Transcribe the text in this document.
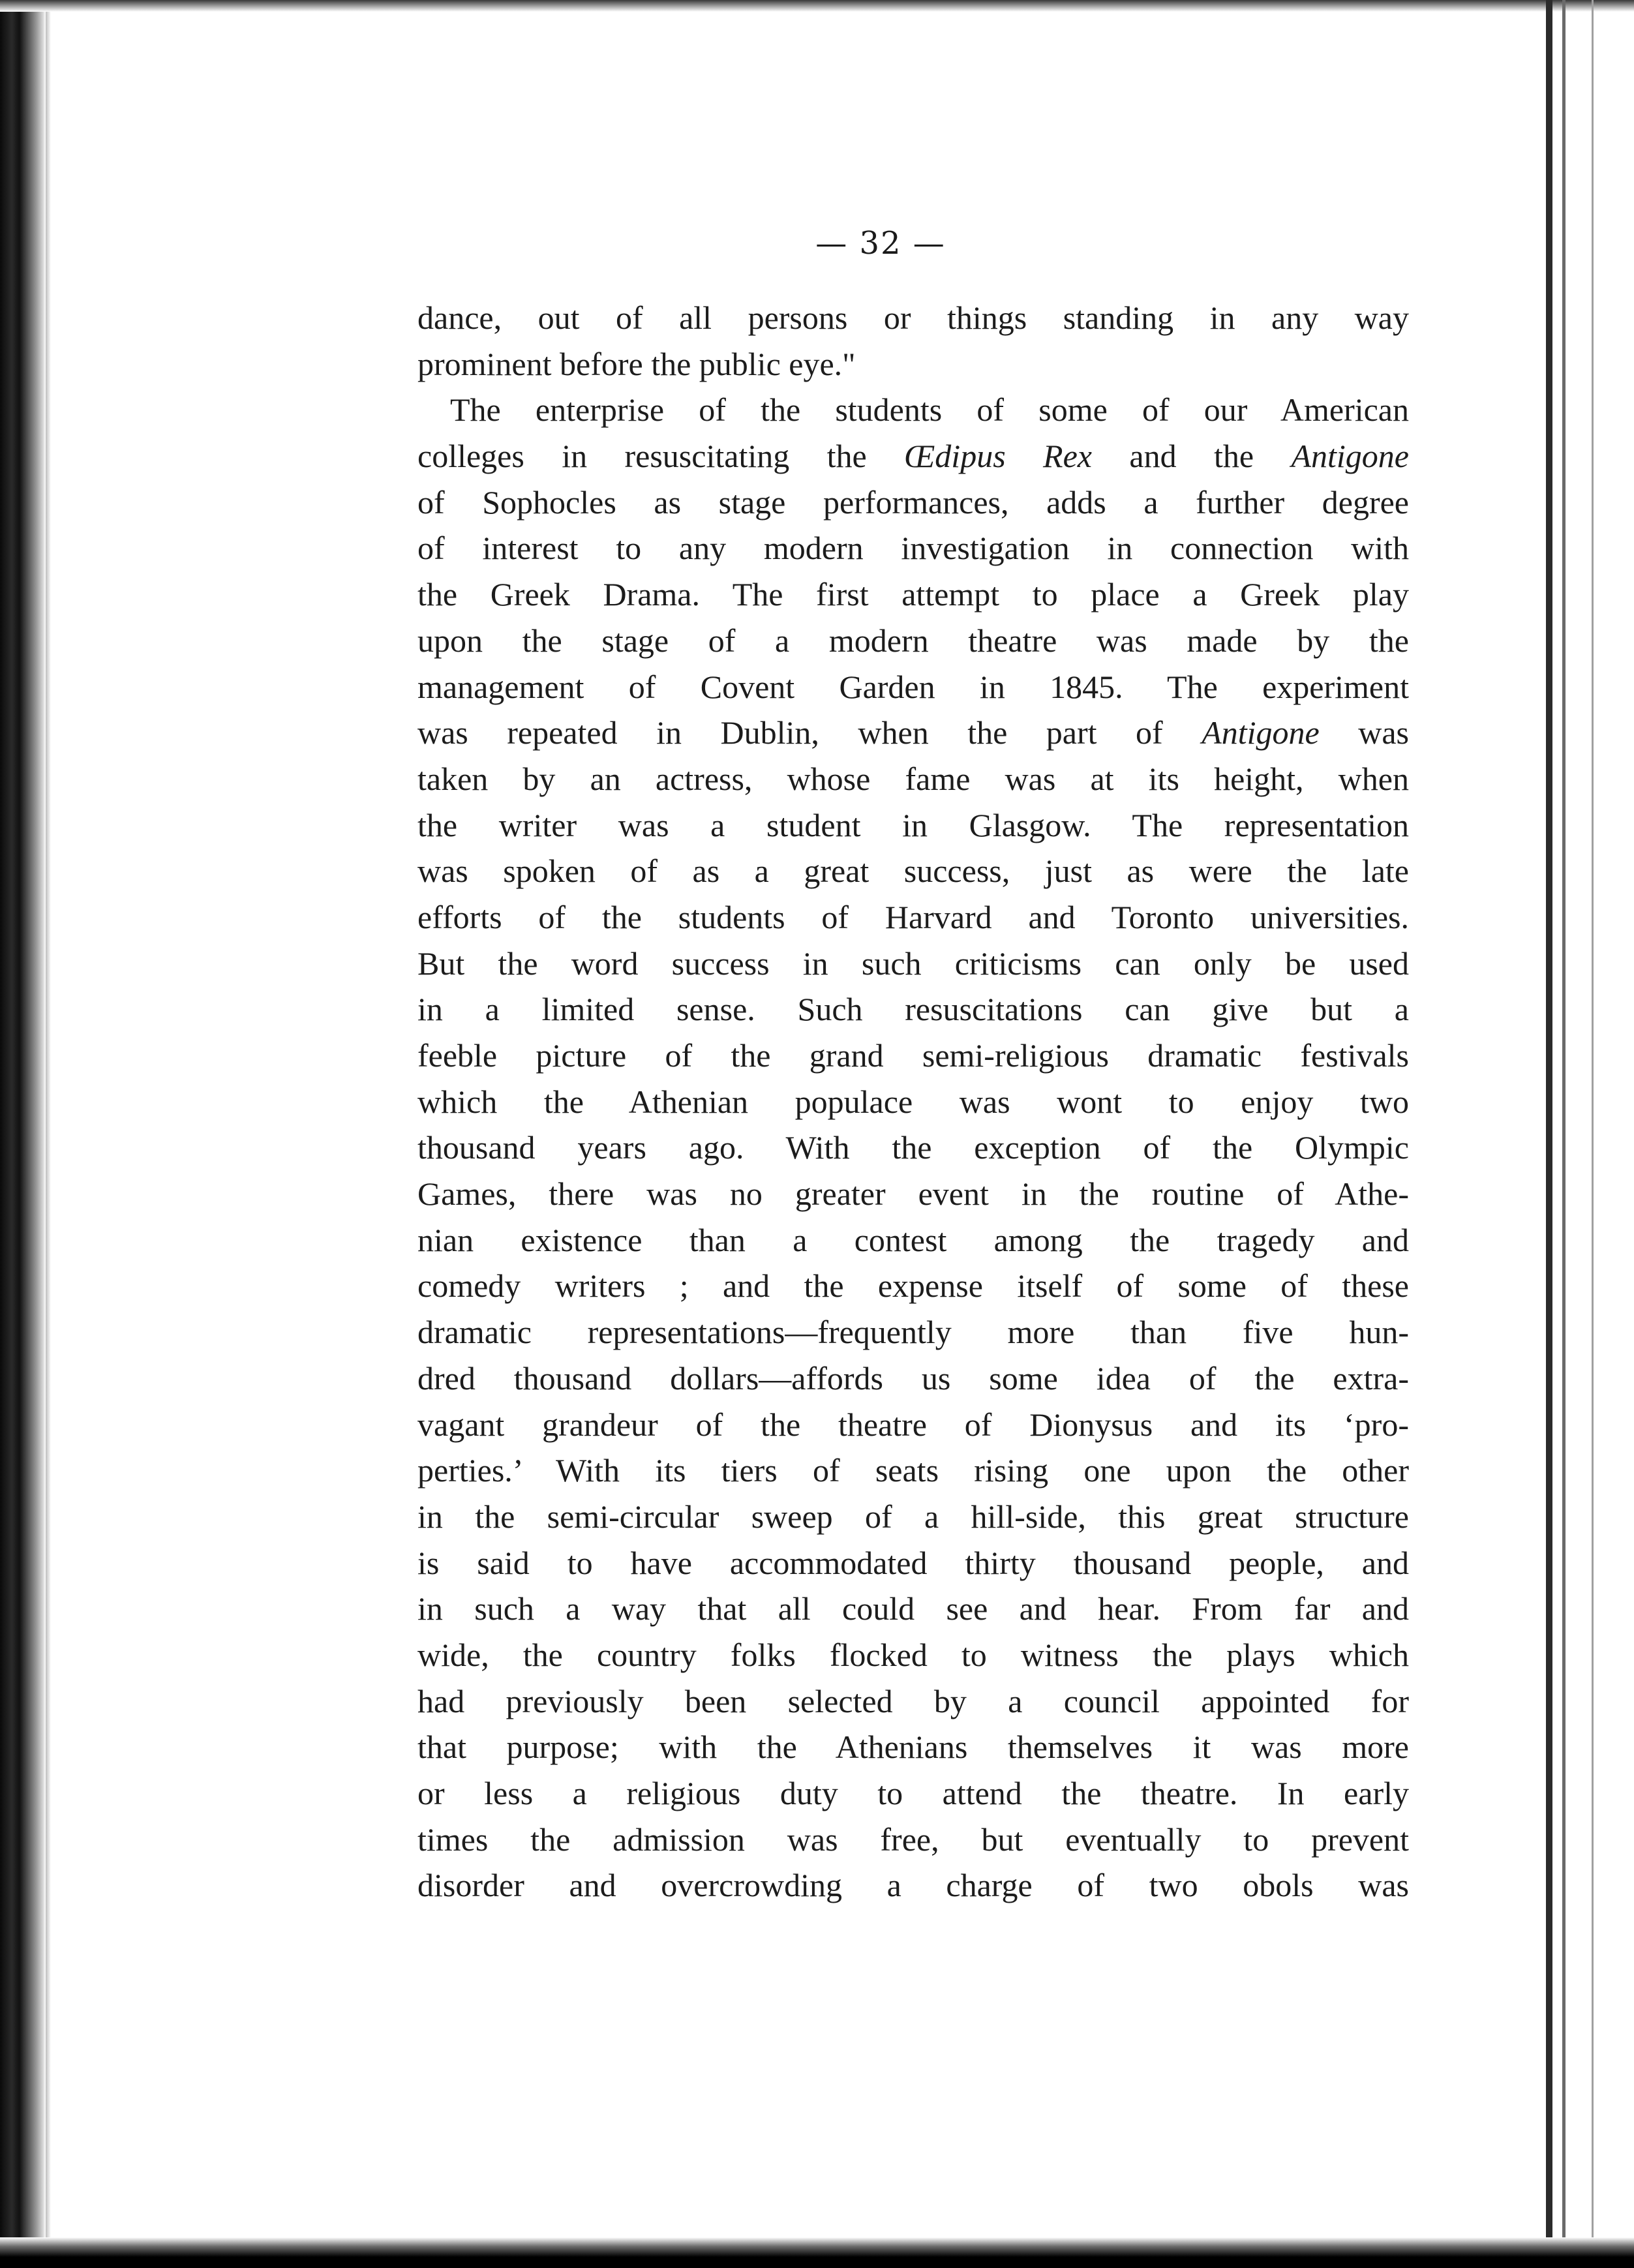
— 32 —
dance, out of all persons or things standing in any way
prominent before the public eye."
The enterprise of the students of some of our American
colleges in resuscitating the Œdipus Rex and the Antigone
of Sophocles as stage performances, adds a further degree
of interest to any modern investigation in connection with
the Greek Drama. The first attempt to place a Greek play
upon the stage of a modern theatre was made by the
management of Covent Garden in 1845. The experiment
was repeated in Dublin, when the part of Antigone was
taken by an actress, whose fame was at its height, when
the writer was a student in Glasgow. The representation
was spoken of as a great success, just as were the late
efforts of the students of Harvard and Toronto universities.
But the word success in such criticisms can only be used
in a limited sense. Such resuscitations can give but a
feeble picture of the grand semi-religious dramatic festivals
which the Athenian populace was wont to enjoy two
thousand years ago. With the exception of the Olympic
Games, there was no greater event in the routine of Athe-
nian existence than a contest among the tragedy and
comedy writers ; and the expense itself of some of these
dramatic representations—frequently more than five hun-
dred thousand dollars—affords us some idea of the extra-
vagant grandeur of the theatre of Dionysus and its ‘pro-
perties.’ With its tiers of seats rising one upon the other
in the semi-circular sweep of a hill-side, this great structure
is said to have accommodated thirty thousand people, and
in such a way that all could see and hear. From far and
wide, the country folks flocked to witness the plays which
had previously been selected by a council appointed for
that purpose; with the Athenians themselves it was more
or less a religious duty to attend the theatre. In early
times the admission was free, but eventually to prevent
disorder and overcrowding a charge of two obols was
